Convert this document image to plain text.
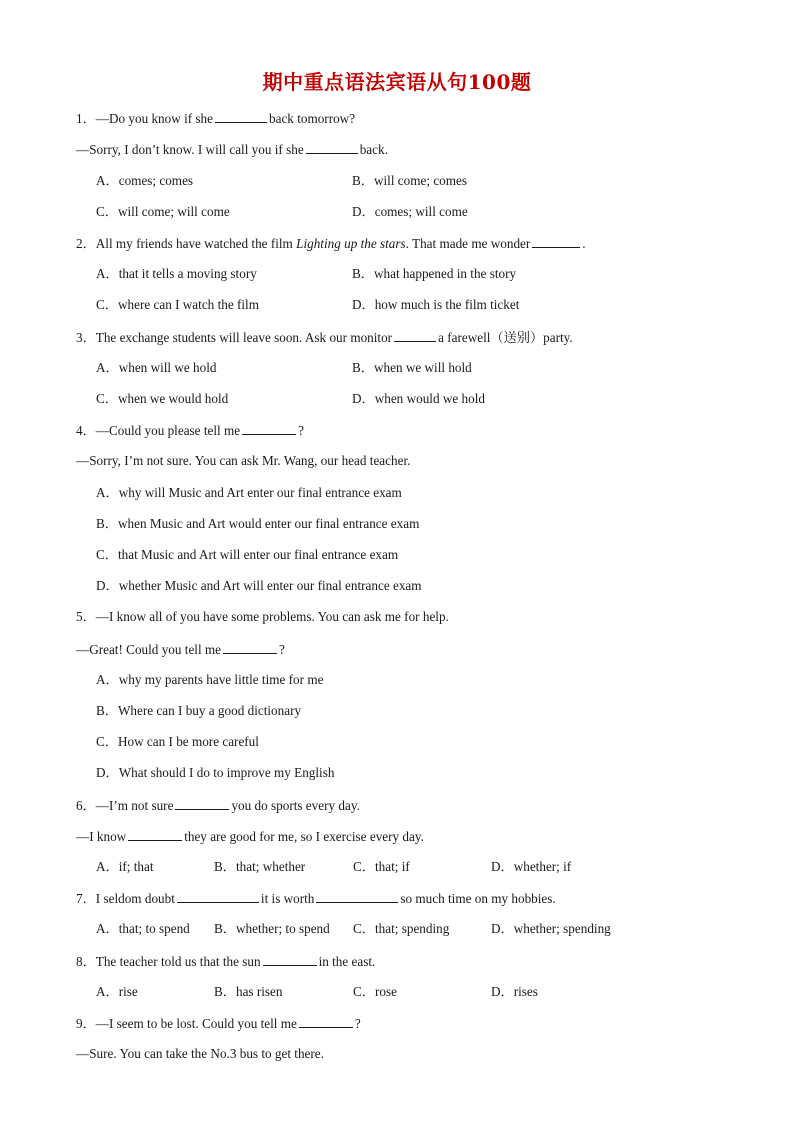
期中重点语法宾语从句100题
1．—Do you know if she	back tomorrow?
—Sorry, I don’t know. I will call you if she	back.
A．comes; comes	B．will come; comes
C．will come; will come	D．comes; will come
2．All my friends have watched the film Lighting up the stars. That made me wonder	.
A．that it tells a moving story	B．what happened in the story
C．where can I watch the film	D．how much is the film ticket
3．The exchange students will leave soon. Ask our monitor	a farewell（送别）party.
A．when will we hold	B．when we will hold
C．when we would hold	D．when would we hold
4．—Could you please tell me	?
—Sorry, I’m not sure. You can ask Mr. Wang, our head teacher.
A．why will Music and Art enter our final entrance exam
B．when Music and Art would enter our final entrance exam
C．that Music and Art will enter our final entrance exam
D．whether Music and Art will enter our final entrance exam
5．—I know all of you have some problems. You can ask me for help.
—Great! Could you tell me	?
A．why my parents have little time for me
B．Where can I buy a good dictionary
C．How can I be more careful
D．What should I do to improve my English
6．—I’m not sure	you do sports every day.
—I know	they are good for me, so I exercise every day.
A．if; that	B．that; whether	C．that; if	D．whether; if
7．I seldom doubt	it is worth	so much time on my hobbies.
A．that; to spend B．whether; to spend C．that; spending	D．whether; spending
8．The teacher told us that the sun	in the east.
A．rise	B．has risen	C．rose	D．rises
9．—I seem to be lost. Could you tell me	?
—Sure. You can take the No.3 bus to get there.
